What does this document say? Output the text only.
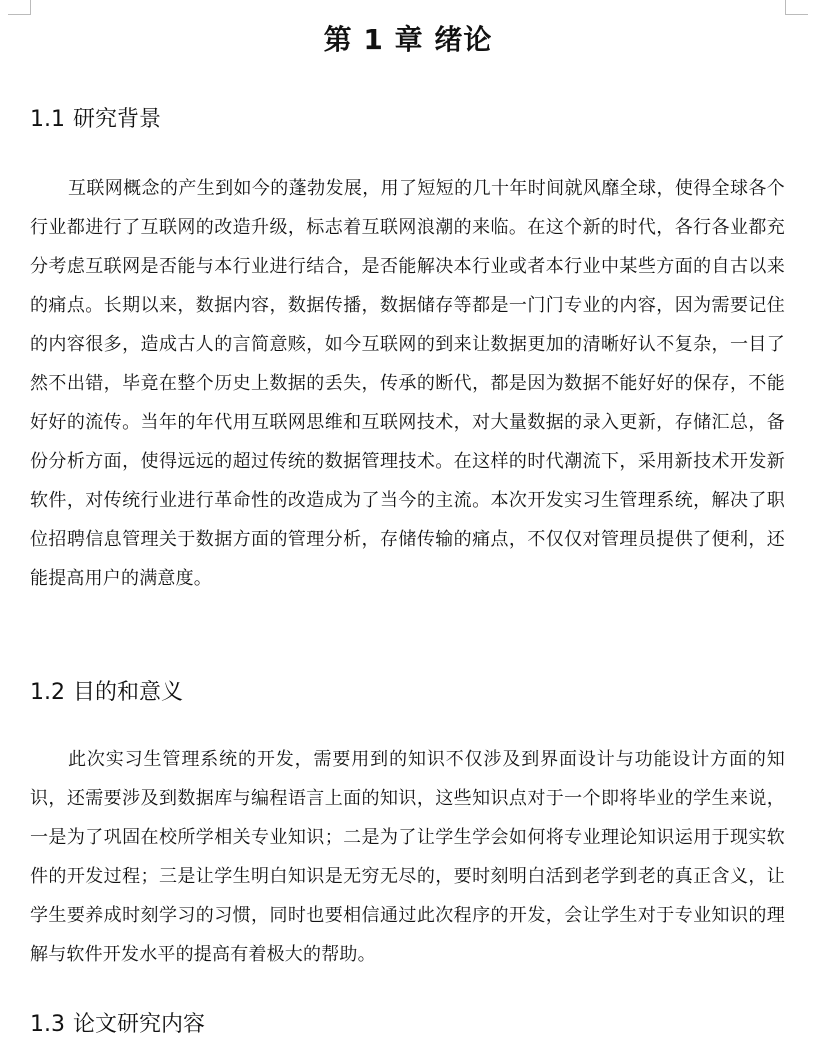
第 1 章 绪论
1.1 研究背景

互联网概念的产生到如今的蓬勃发展，用了短短的几十年时间就风靡全球，使得全球各个行业都进行了互联网的改造升级，标志着互联网浪潮的来临。在这个新的时代，各行各业都充分考虑互联网是否能与本行业进行结合，是否能解决本行业或者本行业中某些方面的自古以来的痛点。长期以来，数据内容，数据传播，数据储存等都是一门门专业的内容，因为需要记住的内容很多，造成古人的言简意赅，如今互联网的到来让数据更加的清晰好认不复杂，一目了然不出错，毕竟在整个历史上数据的丢失，传承的断代，都是因为数据不能好好的保存，不能好好的流传。当年的年代用互联网思维和互联网技术，对大量数据的录入更新，存储汇总，备份分析方面，使得远远的超过传统的数据管理技术。在这样的时代潮流下，采用新技术开发新软件，对传统行业进行革命性的改造成为了当今的主流。本次开发实习生管理系统，解决了职位招聘信息管理关于数据方面的管理分析，存储传输的痛点，不仅仅对管理员提供了便利，还能提高用户的满意度。

1.2 目的和意义

此次实习生管理系统的开发，需要用到的知识不仅涉及到界面设计与功能设计方面的知识，还需要涉及到数据库与编程语言上面的知识，这些知识点对于一个即将毕业的学生来说，一是为了巩固在校所学相关专业知识；二是为了让学生学会如何将专业理论知识运用于现实软件的开发过程；三是让学生明白知识是无穷无尽的，要时刻明白活到老学到老的真正含义，让学生要养成时刻学习的习惯，同时也要相信通过此次程序的开发，会让学生对于专业知识的理解与软件开发水平的提高有着极大的帮助。

1.3 论文研究内容
